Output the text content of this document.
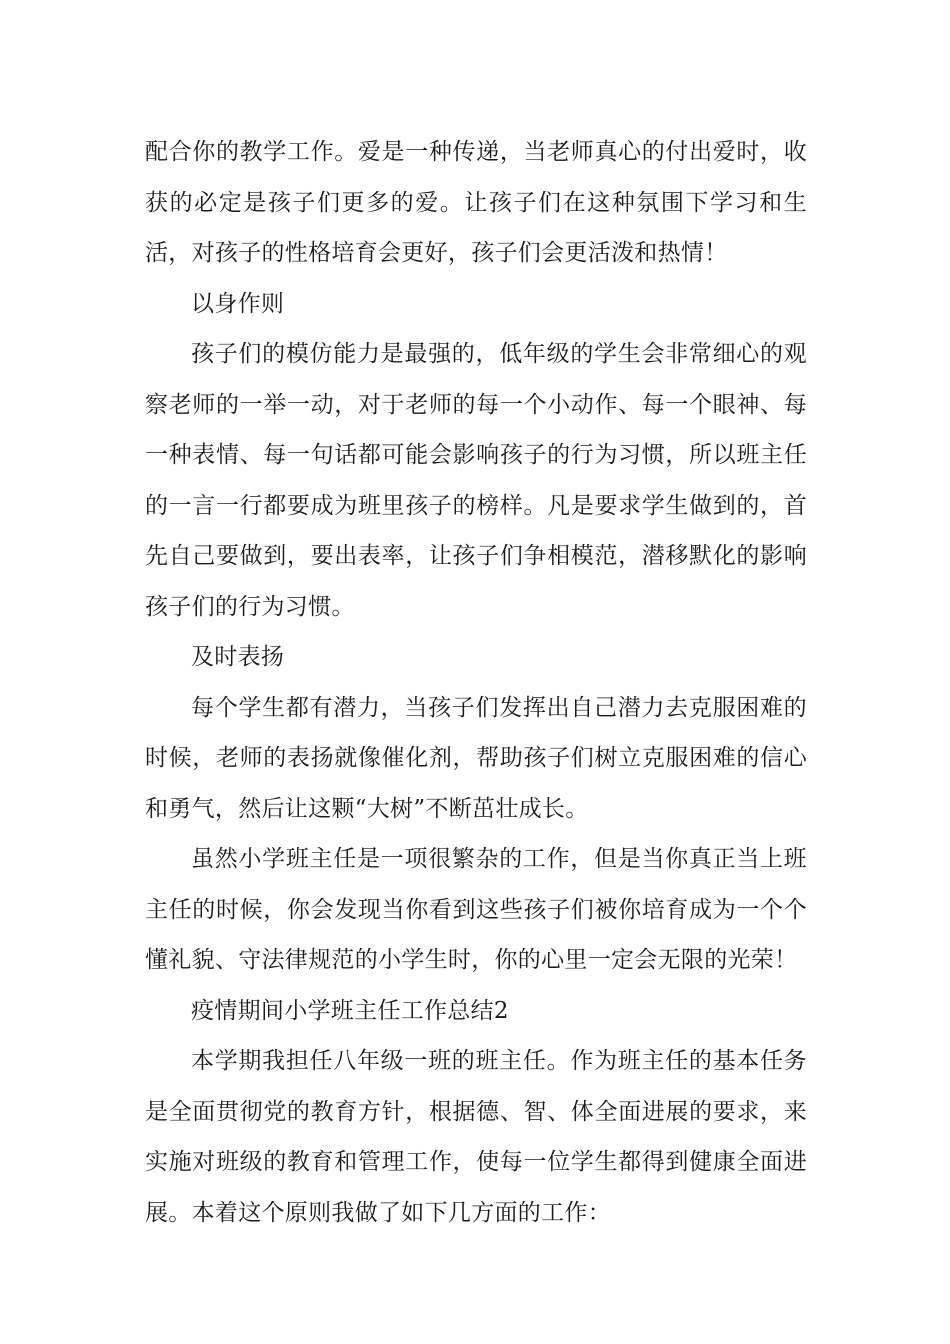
配合你的教学工作。爱是一种传递，当老师真心的付出爱时，收获的必定是孩子们更多的爱。让孩子们在这种氛围下学习和生活，对孩子的性格培育会更好，孩子们会更活泼和热情！

以身作则

孩子们的模仿能力是最强的，低年级的学生会非常细心的观察老师的一举一动，对于老师的每一个小动作、每一个眼神、每一种表情、每一句话都可能会影响孩子的行为习惯，所以班主任的一言一行都要成为班里孩子的榜样。凡是要求学生做到的，首先自己要做到，要出表率，让孩子们争相模范，潜移默化的影响孩子们的行为习惯。

及时表扬

每个学生都有潜力，当孩子们发挥出自己潜力去克服困难的时候，老师的表扬就像催化剂，帮助孩子们树立克服困难的信心和勇气，然后让这颗“大树”不断茁壮成长。

虽然小学班主任是一项很繁杂的工作，但是当你真正当上班主任的时候，你会发现当你看到这些孩子们被你培育成为一个个懂礼貌、守法律规范的小学生时，你的心里一定会无限的光荣！

疫情期间小学班主任工作总结2

本学期我担任八年级一班的班主任。作为班主任的基本任务是全面贯彻党的教育方针，根据德、智、体全面进展的要求，来实施对班级的教育和管理工作，使每一位学生都得到健康全面进展。本着这个原则我做了如下几方面的工作：
